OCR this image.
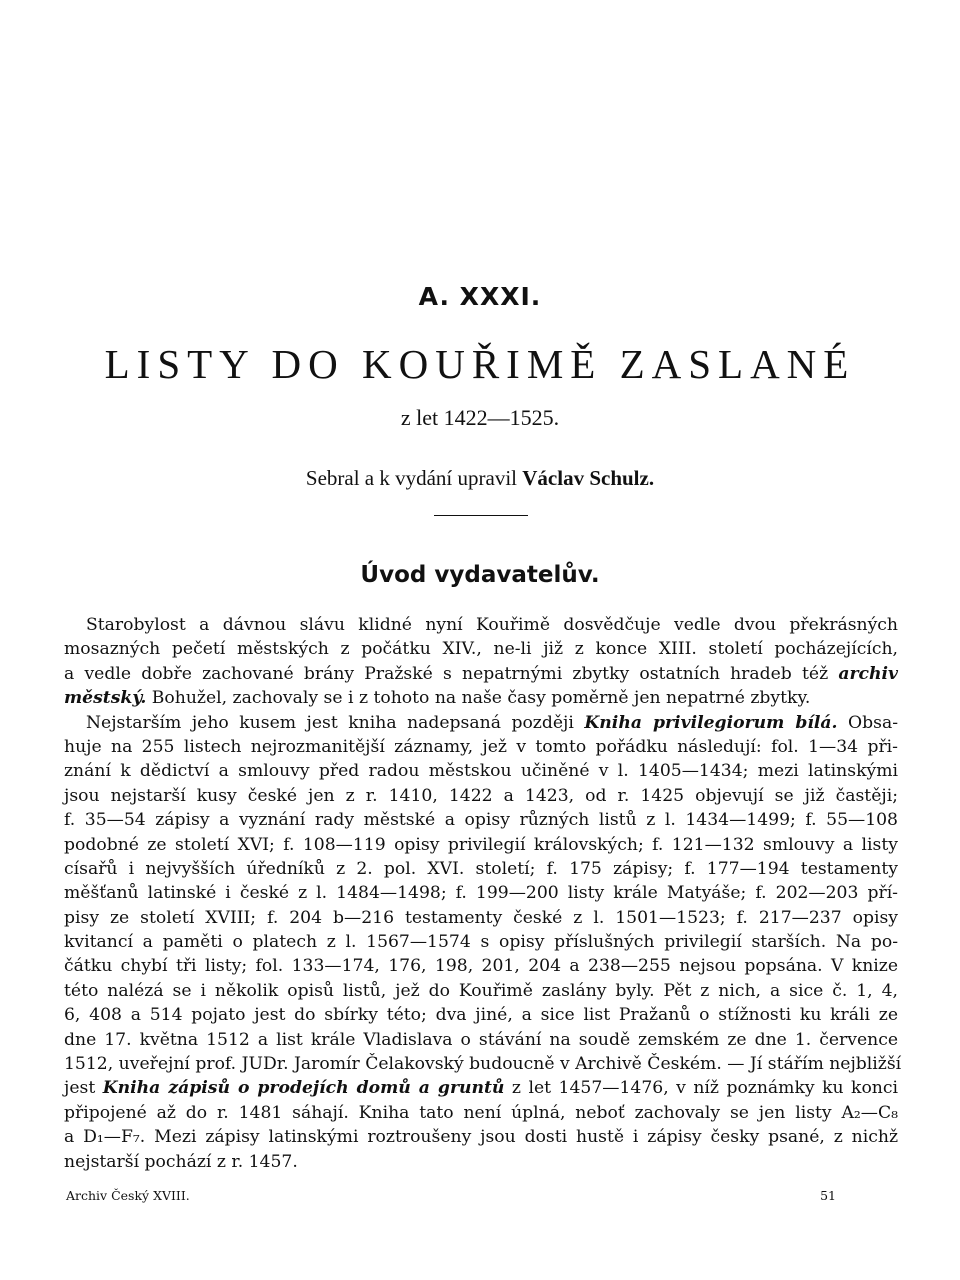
A. XXXI.
LISTY DO KOUŘIMĚ ZASLANÉ
z let 1422—1525.
Sebral a k vydání upravil Václav Schulz.
Úvod vydavatelův.
Starobylost a dávnou slávu klidné nyní Kouřimě dosvědčuje vedle dvou překrásných
mosazných pečetí městských z počátku XIV., ne-li již z konce XIII. století pocházejících,
a vedle dobře zachované brány Pražské s nepatrnými zbytky ostatních hradeb též archiv
městský. Bohužel, zachovaly se i z tohoto na naše časy poměrně jen nepatrné zbytky.
Nejstarším jeho kusem jest kniha nadepsaná později Kniha privilegiorum bílá. Obsa-
huje na 255 listech nejrozmanitější záznamy, jež v tomto pořádku následují: fol. 1—34 při-
znání k dědictví a smlouvy před radou městskou učiněné v l. 1405—1434; mezi latinskými
jsou nejstarší kusy české jen z r. 1410, 1422 a 1423, od r. 1425 objevují se již častěji;
f. 35—54 zápisy a vyznání rady městské a opisy různých listů z l. 1434—1499; f. 55—108
podobné ze století XVI; f. 108—119 opisy privilegií královských; f. 121—132 smlouvy a listy
císařů i nejvyšších úředníků z 2. pol. XVI. století; f. 175 zápisy; f. 177—194 testamenty
měšťanů latinské i české z l. 1484—1498; f. 199—200 listy krále Matyáše; f. 202—203 pří-
pisy ze století XVIII; f. 204 b—216 testamenty české z l. 1501—1523; f. 217—237 opisy
kvitancí a paměti o platech z l. 1567—1574 s opisy příslušných privilegií starších. Na po-
čátku chybí tři listy; fol. 133—174, 176, 198, 201, 204 a 238—255 nejsou popsána. V knize
této nalézá se i několik opisů listů, jež do Kouřimě zaslány byly. Pět z nich, a sice č. 1, 4,
6, 408 a 514 pojato jest do sbírky této; dva jiné, a sice list Pražanů o stížnosti ku králi ze
dne 17. května 1512 a list krále Vladislava o stávání na soudě zemském ze dne 1. července
1512, uveřejní prof. JUDr. Jaromír Čelakovský budoucně v Archivě Českém. — Jí stářím nejbližší
jest Kniha zápisů o prodejích domů a gruntů z let 1457—1476, v níž poznámky ku konci
připojené až do r. 1481 sáhají. Kniha tato není úplná, neboť zachovaly se jen listy A₂—C₈
a D₁—F₇. Mezi zápisy latinskými roztroušeny jsou dosti hustě i zápisy česky psané, z nichž
nejstarší pochází z r. 1457.
Archiv Český XVIII.	51
